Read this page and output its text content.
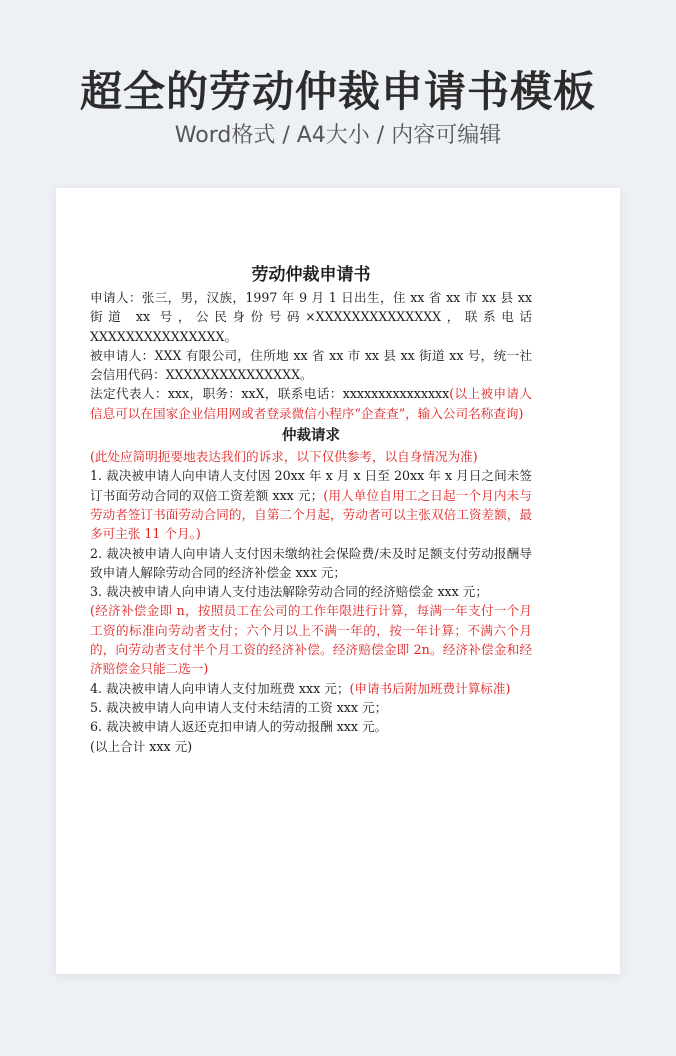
超全的劳动仲裁申请书模板
Word格式 / A4大小 / 内容可编辑
劳动仲裁申请书

申请人：张三，男，汉族，1997 年 9 月 1 日出生，住 xx 省 xx 市 xx 县 xx 街道 xx 号，公民身份号码×XXXXXXXXXXXXXX，联系电话 XXXXXXXXXXXXXXX。

被申请人：XXX 有限公司，住所地 xx 省 xx 市 xx 县 xx 街道 xx 号，统一社会信用代码：XXXXXXXXXXXXXXX。

法定代表人：xxx，职务：xxX，联系电话：xxxxxxxxxxxxxxx(以上被申请人信息可以在国家企业信用网或者登录微信小程序“企查查”，输入公司名称查询)

仲裁请求

(此处应简明扼要地表达我们的诉求，以下仅供参考，以自身情况为准)

1. 裁决被申请人向申请人支付因 20xx 年 x 月 x 日至 20xx 年 x 月日之间未签订书面劳动合同的双倍工资差额 xxx 元；(用人单位自用工之日起一个月内未与劳动者签订书面劳动合同的，自第二个月起，劳动者可以主张双倍工资差额，最多可主张 11 个月。)

2. 裁决被申请人向申请人支付因未缴纳社会保险费/未及时足额支付劳动报酬导致申请人解除劳动合同的经济补偿金 xxx 元；

3. 裁决被申请人向申请人支付违法解除劳动合同的经济赔偿金 xxx 元；

(经济补偿金即 n，按照员工在公司的工作年限进行计算，每满一年支付一个月工资的标准向劳动者支付；六个月以上不满一年的，按一年计算；不满六个月的，向劳动者支付半个月工资的经济补偿。经济赔偿金即 2n。经济补偿金和经济赔偿金只能二选一)

4. 裁决被申请人向申请人支付加班费 xxx 元；(申请书后附加班费计算标准)

5. 裁决被申请人向申请人支付未结清的工资 xxx 元；

6. 裁决被申请人返还克扣申请人的劳动报酬 xxx 元。

(以上合计 xxx 元)
